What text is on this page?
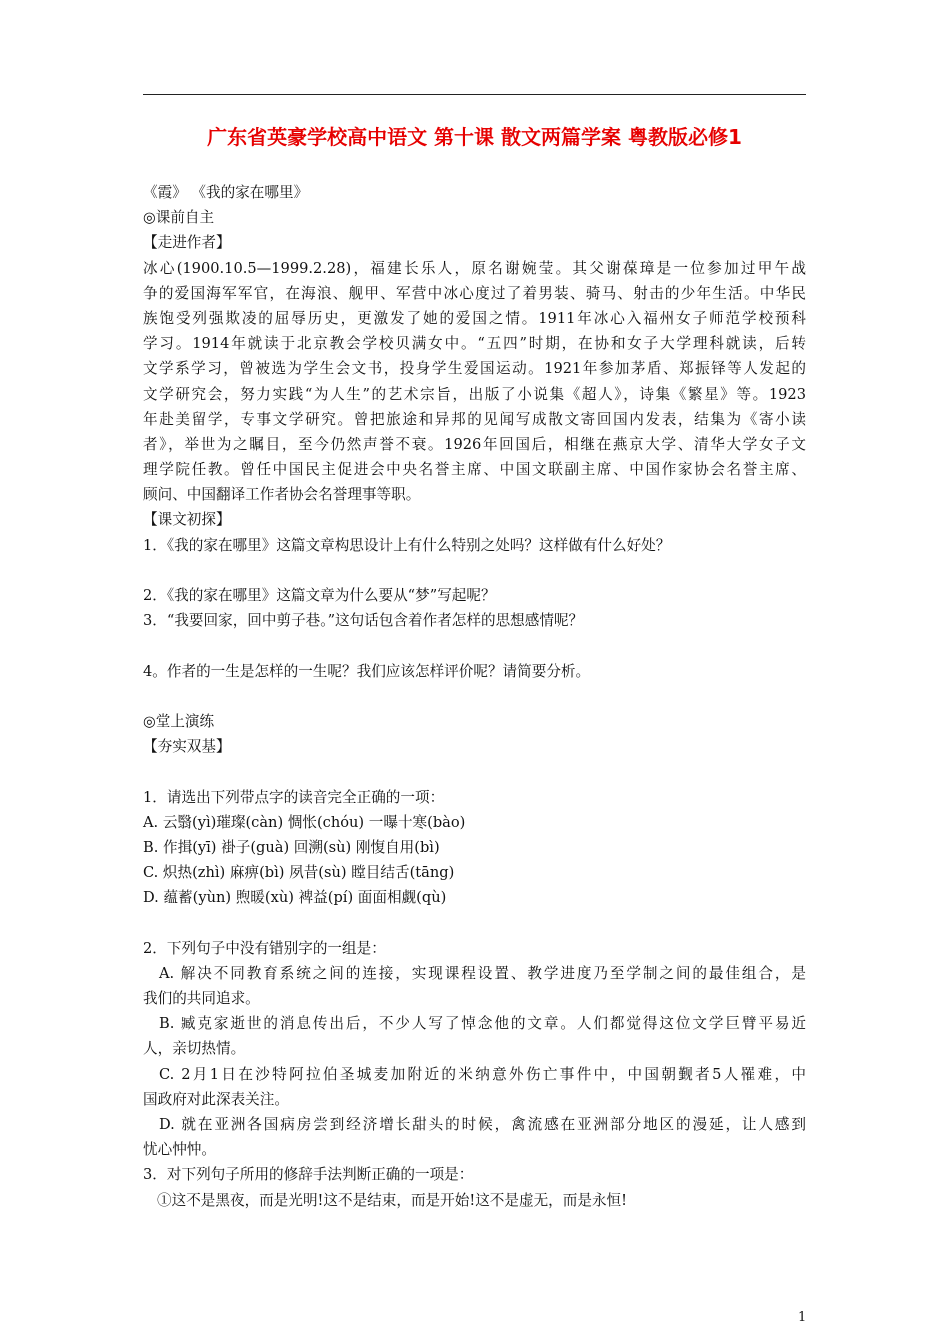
广东省英豪学校高中语文 第十课 散文两篇学案 粤教版必修1
《霞》 《我的家在哪里》
◎课前自主
【走进作者】
冰心(1900.10.5—1999.2.28)，福建长乐人，原名谢婉莹。其父谢葆璋是一位参加过甲午战
争的爱国海军军官，在海浪、舰甲、军营中冰心度过了着男装、骑马、射击的少年生活。中华民
族饱受列强欺凌的屈辱历史，更激发了她的爱国之情。1911年冰心入福州女子师范学校预科
学习。1914年就读于北京教会学校贝满女中。“五四”时期，在协和女子大学理科就读，后转
文学系学习，曾被选为学生会文书，投身学生爱国运动。1921年参加茅盾、郑振铎等人发起的
文学研究会，努力实践“为人生”的艺术宗旨，出版了小说集《超人》，诗集《繁星》等。1923
年赴美留学，专事文学研究。曾把旅途和异邦的见闻写成散文寄回国内发表，结集为《寄小读
者》，举世为之瞩目，至今仍然声誉不衰。1926年回国后，相继在燕京大学、清华大学女子文
理学院任教。曾任中国民主促进会中央名誉主席、中国文联副主席、中国作家协会名誉主席、
顾问、中国翻译工作者协会名誉理事等职。
【课文初探】
1．《我的家在哪里》这篇文章构思设计上有什么特别之处吗？这样做有什么好处？
2．《我的家在哪里》这篇文章为什么要从“梦”写起呢？
3．“我要回家，回中剪子巷。”这句话包含着作者怎样的思想感情呢？
4。作者的一生是怎样的一生呢？我们应该怎样评价呢？请简要分析。
◎堂上演练
【夯实双基】
1．请选出下列带点字的读音完全正确的一项：
A. 云翳(yì)璀璨(càn) 惆怅(chóu) 一曝十寒(bào)
B. 作揖(yī) 褂子(guà) 回溯(sù) 刚愎自用(bì)
C. 炽热(zhì) 麻痹(bì) 夙昔(sù) 瞠目结舌(tāng)
D. 蕴蓄(yùn) 煦暖(xù) 裨益(pí) 面面相觑(qù)
2．下列句子中没有错别字的一组是：
A. 解决不同教育系统之间的连接，实现课程设置、教学进度乃至学制之间的最佳组合，是
我们的共同追求。
B. 臧克家逝世的消息传出后，不少人写了悼念他的文章。人们都觉得这位文学巨臂平易近
人，亲切热情。
C. 2月1日在沙特阿拉伯圣城麦加附近的米纳意外伤亡事件中，中国朝觐者5人罹难，中
国政府对此深表关注。
D. 就在亚洲各国病房尝到经济增长甜头的时候，禽流感在亚洲部分地区的漫延，让人感到
忧心忡忡。
3．对下列句子所用的修辞手法判断正确的一项是：
①这不是黑夜，而是光明!这不是结束，而是开始!这不是虚无，而是永恒!
1
